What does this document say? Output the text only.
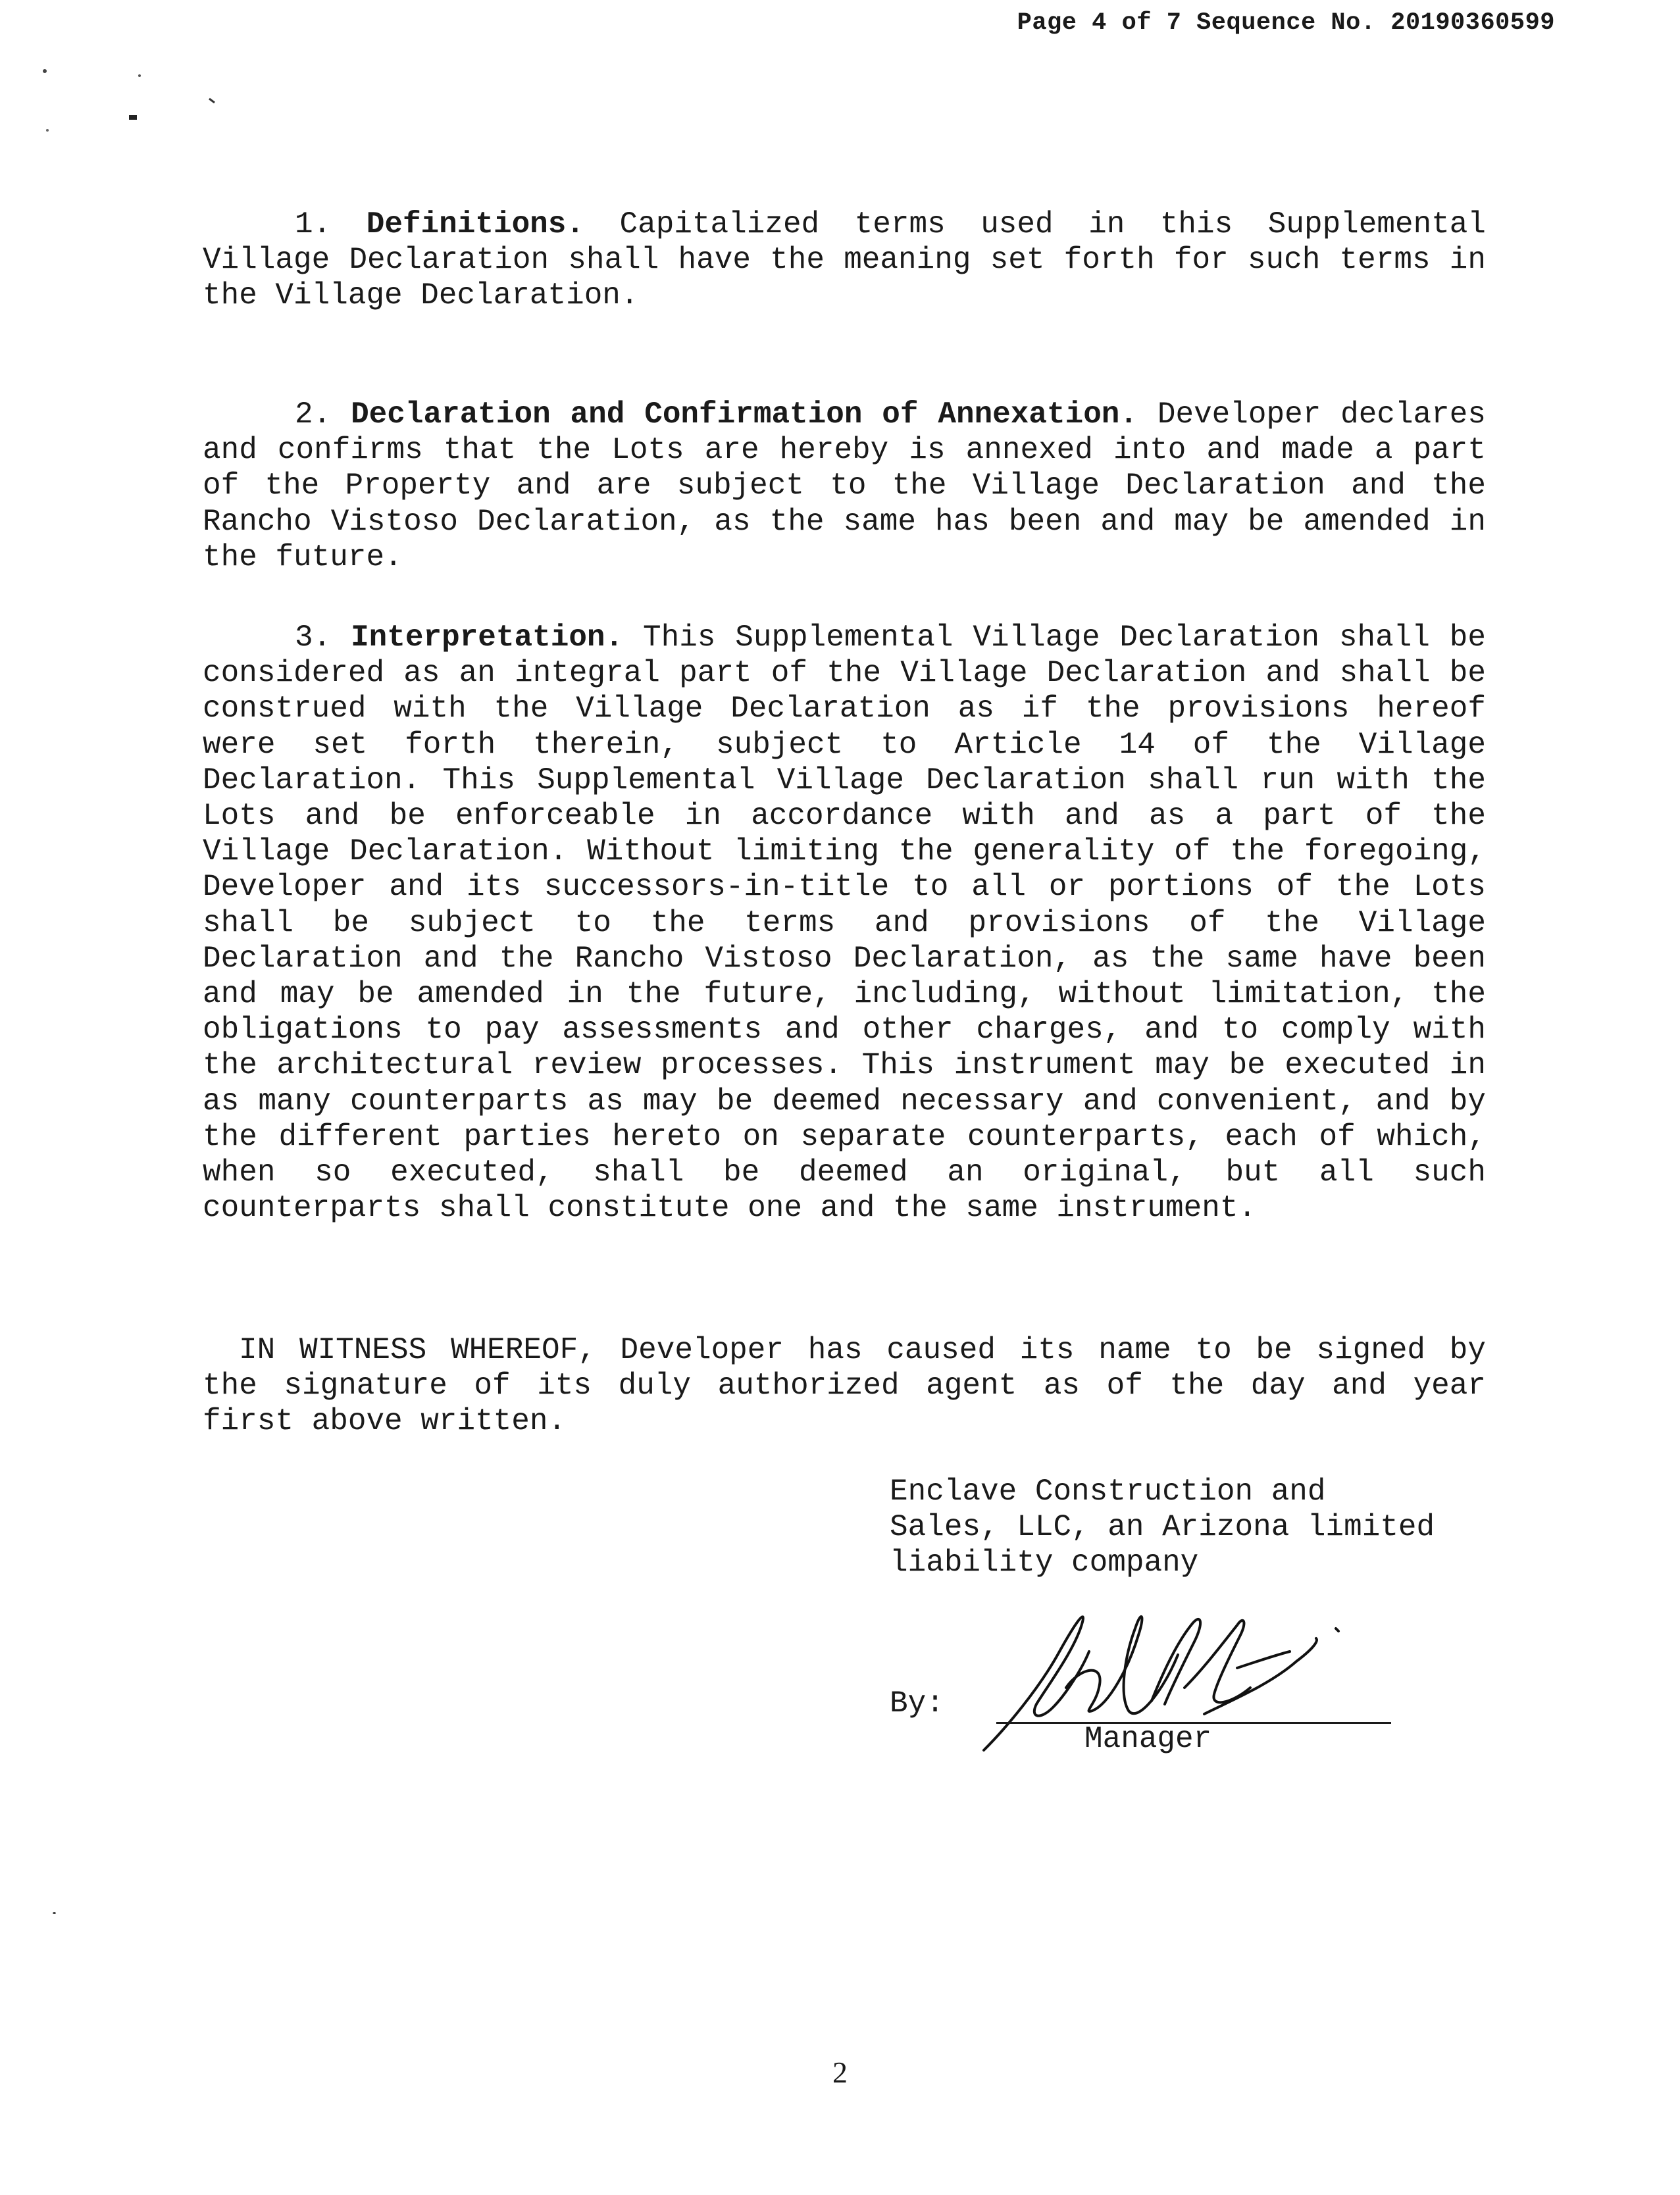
Page 4 of 7 Sequence No. 20190360599

1. Definitions. Capitalized terms used in this Supplemental Village Declaration shall have the meaning set forth for such terms in the Village Declaration.

2. Declaration and Confirmation of Annexation. Developer declares and confirms that the Lots are hereby is annexed into and made a part of the Property and are subject to the Village Declaration and the Rancho Vistoso Declaration, as the same has been and may be amended in the future.

3. Interpretation. This Supplemental Village Declaration shall be considered as an integral part of the Village Declaration and shall be construed with the Village Declaration as if the provisions hereof were set forth therein, subject to Article 14 of the Village Declaration. This Supplemental Village Declaration shall run with the Lots and be enforceable in accordance with and as a part of the Village Declaration. Without limiting the generality of the foregoing, Developer and its successors-in-title to all or portions of the Lots shall be subject to the terms and provisions of the Village Declaration and the Rancho Vistoso Declaration, as the same have been and may be amended in the future, including, without limitation, the obligations to pay assessments and other charges, and to comply with the architectural review processes. This instrument may be executed in as many counterparts as may be deemed necessary and convenient, and by the different parties hereto on separate counterparts, each of which, when so executed, shall be deemed an original, but all such counterparts shall constitute one and the same instrument.

IN WITNESS WHEREOF, Developer has caused its name to be signed by the signature of its duly authorized agent as of the day and year first above written.

Enclave Construction and
Sales, LLC, an Arizona limited
liability company
By:
Manager
2
